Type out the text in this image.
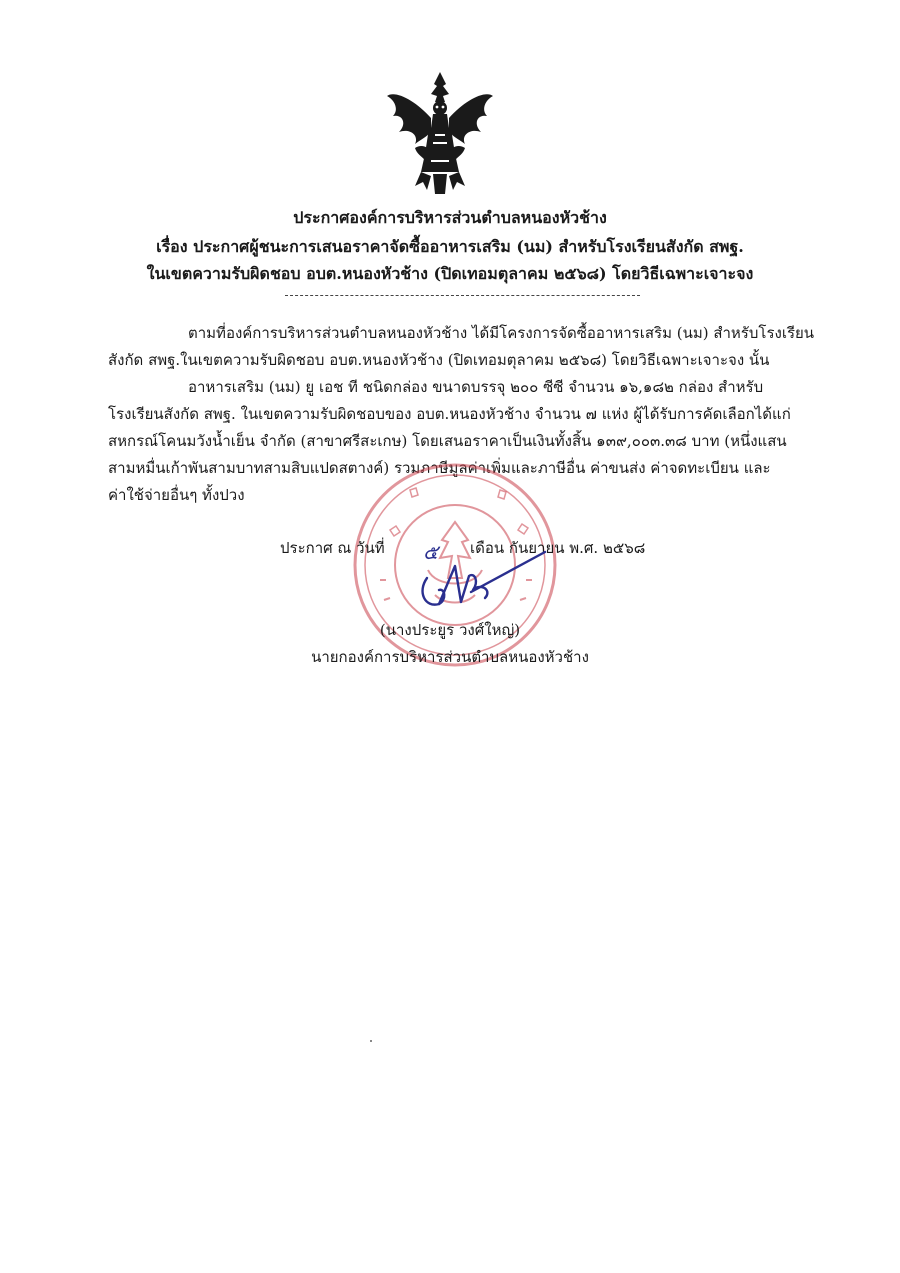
ประกาศองค์การบริหารส่วนตำบลหนองหัวช้าง
เรื่อง ประกาศผู้ชนะการเสนอราคาจัดซื้ออาหารเสริม (นม) สำหรับโรงเรียนสังกัด สพฐ.
ในเขตความรับผิดชอบ อบต.หนองหัวช้าง (ปิดเทอมตุลาคม ๒๕๖๘) โดยวิธีเฉพาะเจาะจง
ตามที่องค์การบริหารส่วนตำบลหนองหัวช้าง ได้มีโครงการจัดซื้ออาหารเสริม (นม) สำหรับโรงเรียน
สังกัด สพฐ.ในเขตความรับผิดชอบ อบต.หนองหัวช้าง (ปิดเทอมตุลาคม ๒๕๖๘) โดยวิธีเฉพาะเจาะจง นั้น
อาหารเสริม (นม) ยู เอช ที ชนิดกล่อง ขนาดบรรจุ ๒๐๐ ซีซี จำนวน ๑๖,๑๘๒ กล่อง สำหรับ
โรงเรียนสังกัด สพฐ. ในเขตความรับผิดชอบของ อบต.หนองหัวช้าง จำนวน ๗ แห่ง ผู้ได้รับการคัดเลือกได้แก่
สหกรณ์โคนมวังน้ำเย็น จำกัด (สาขาศรีสะเกษ) โดยเสนอราคาเป็นเงินทั้งสิ้น ๑๓๙,๐๐๓.๓๘ บาท (หนึ่งแสน
สามหมื่นเก้าพันสามบาทสามสิบแปดสตางค์) รวมภาษีมูลค่าเพิ่มและภาษีอื่น ค่าขนส่ง ค่าจดทะเบียน และ
ค่าใช้จ่ายอื่นๆ ทั้งปวง
ประกาศ ณ วันที่ ๕ เดือน กันยายน พ.ศ. ๒๕๖๘
(นางประยูร วงศ์ใหญ่)
นายกองค์การบริหารส่วนตำบลหนองหัวช้าง
